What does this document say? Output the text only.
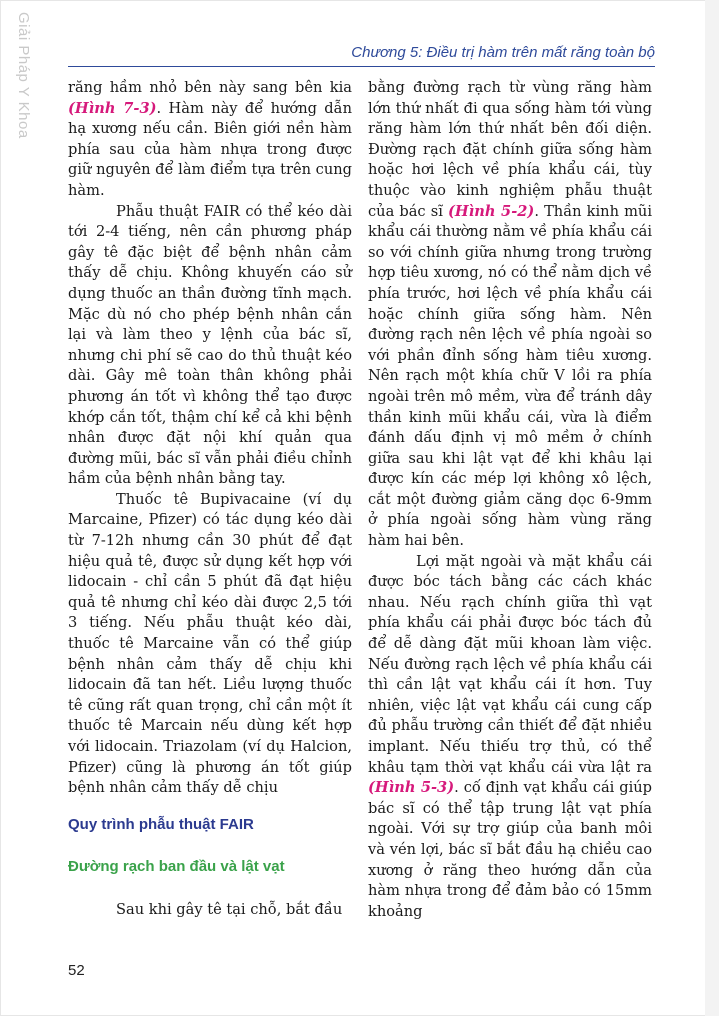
Giải Pháp Y Khoa	Chương 5: Điều trị hàm trên mất răng toàn bộ

răng hầm nhỏ bên này sang bên kia (Hình 7-3). Hàm này để hướng dẫn hạ xương nếu cần. Biên giới nền hàm phía sau của hàm nhựa trong được giữ nguyên để làm điểm tựa trên cung hàm.

Phẫu thuật FAIR có thể kéo dài tới 2-4 tiếng, nên cần phương pháp gây tê đặc biệt để bệnh nhân cảm thấy dễ chịu. Không khuyến cáo sử dụng thuốc an thần đường tĩnh mạch. Mặc dù nó cho phép bệnh nhân cắn lại và làm theo y lệnh của bác sĩ, nhưng chi phí sẽ cao do thủ thuật kéo dài. Gây mê toàn thân không phải phương án tốt vì không thể tạo được khớp cắn tốt, thậm chí kể cả khi bệnh nhân được đặt nội khí quản qua đường mũi, bác sĩ vẫn phải điều chỉnh hầm của bệnh nhân bằng tay.

Thuốc tê Bupivacaine (ví dụ Marcaine, Pfizer) có tác dụng kéo dài từ 7-12h nhưng cần 30 phút để đạt hiệu quả tê, được sử dụng kết hợp với lidocain - chỉ cần 5 phút đã đạt hiệu quả tê nhưng chỉ kéo dài được 2,5 tới 3 tiếng. Nếu phẫu thuật kéo dài, thuốc tê Marcaine vẫn có thể giúp bệnh nhân cảm thấy dễ chịu khi lidocain đã tan hết. Liều lượng thuốc tê cũng rất quan trọng, chỉ cần một ít thuốc tê Marcain nếu dùng kết hợp với lidocain. Triazolam (ví dụ Halcion, Pfizer) cũng là phương án tốt giúp bệnh nhân cảm thấy dễ chịu

Quy trình phẫu thuật FAIR

Đường rạch ban đầu và lật vạt

Sau khi gây tê tại chỗ, bắt đầu

bằng đường rạch từ vùng răng hàm lớn thứ nhất đi qua sống hàm tới vùng răng hàm lớn thứ nhất bên đối diện. Đường rạch đặt chính giữa sống hàm hoặc hơi lệch về phía khẩu cái, tùy thuộc vào kinh nghiệm phẫu thuật của bác sĩ (Hình 5-2). Thần kinh mũi khẩu cái thường nằm về phía khẩu cái so với chính giữa nhưng trong trường hợp tiêu xương, nó có thể nằm dịch về phía trước, hơi lệch về phía khẩu cái hoặc chính giữa sống hàm. Nên đường rạch nên lệch về phía ngoài so với phần đỉnh sống hàm tiêu xương. Nên rạch một khía chữ V lồi ra phía ngoài trên mô mềm, vừa để tránh dây thần kinh mũi khẩu cái, vừa là điểm đánh dấu định vị mô mềm ở chính giữa sau khi lật vạt để khi khâu lại được kín các mép lợi không xô lệch, cắt một đường giảm căng dọc 6-9mm ở phía ngoài sống hàm vùng răng hàm hai bên.

Lợi mặt ngoài và mặt khẩu cái được bóc tách bằng các cách khác nhau. Nếu rạch chính giữa thì vạt phía khẩu cái phải được bóc tách đủ để dễ dàng đặt mũi khoan làm việc. Nếu đường rạch lệch về phía khẩu cái thì cần lật vạt khẩu cái ít hơn. Tuy nhiên, việc lật vạt khẩu cái cung cấp đủ phẫu trường cần thiết để đặt nhiều implant. Nếu thiếu trợ thủ, có thể khâu tạm thời vạt khẩu cái vừa lật ra (Hình 5-3). cố định vạt khẩu cái giúp bác sĩ có thể tập trung lật vạt phía ngoài. Với sự trợ giúp của banh môi và vén lợi, bác sĩ bắt đầu hạ chiều cao xương ở răng theo hướng dẫn của hàm nhựa trong để đảm bảo có 15mm khoảng

52
